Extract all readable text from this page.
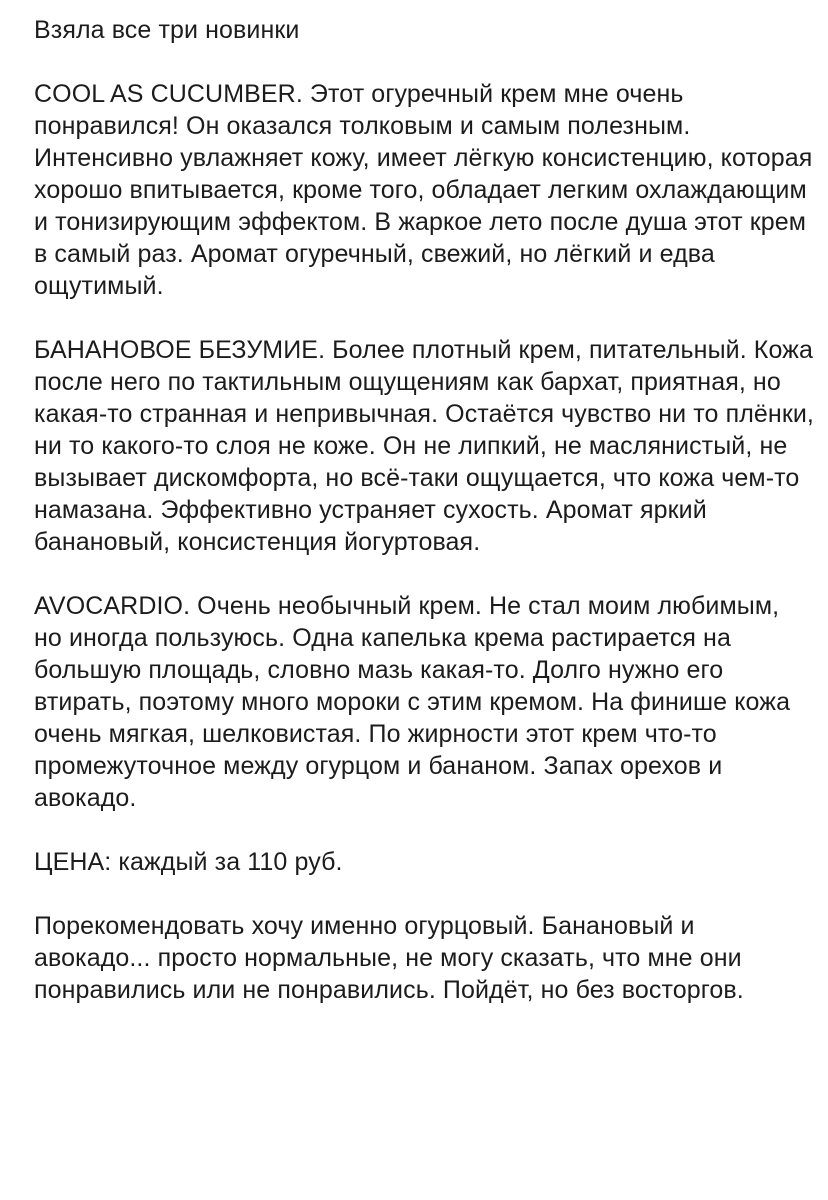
Взяла все три новинки

COOL AS CUCUMBER. Этот огуречный крем мне очень понравился! Он оказался толковым и самым полезным. Интенсивно увлажняет кожу, имеет лёгкую консистенцию, которая хорошо впитывается, кроме того, обладает легким охлаждающим и тонизирующим эффектом. В жаркое лето после душа этот крем в самый раз. Аромат огуречный, свежий, но лёгкий и едва ощутимый.

БАНАНОВОЕ БЕЗУМИЕ. Более плотный крем, питательный. Кожа после него по тактильным ощущениям как бархат, приятная, но какая-то странная и непривычная. Остаётся чувство ни то плёнки, ни то какого-то слоя не коже. Он не липкий, не маслянистый, не вызывает дискомфорта, но всё-таки ощущается, что кожа чем-то намазана. Эффективно устраняет сухость. Аромат яркий банановый, консистенция йогуртовая.

AVOCARDIO. Очень необычный крем. Не стал моим любимым, но иногда пользуюсь. Одна капелька крема растирается на большую площадь, словно мазь какая-то. Долго нужно его втирать, поэтому много мороки с этим кремом. На финише кожа очень мягкая, шелковистая. По жирности этот крем что-то промежуточное между огурцом и бананом. Запах орехов и авокадо.

ЦЕНА: каждый за 110 руб.

Порекомендовать хочу именно огурцовый. Банановый и авокадо... просто нормальные, не могу сказать, что мне они понравились или не понравились. Пойдёт, но без восторгов.
